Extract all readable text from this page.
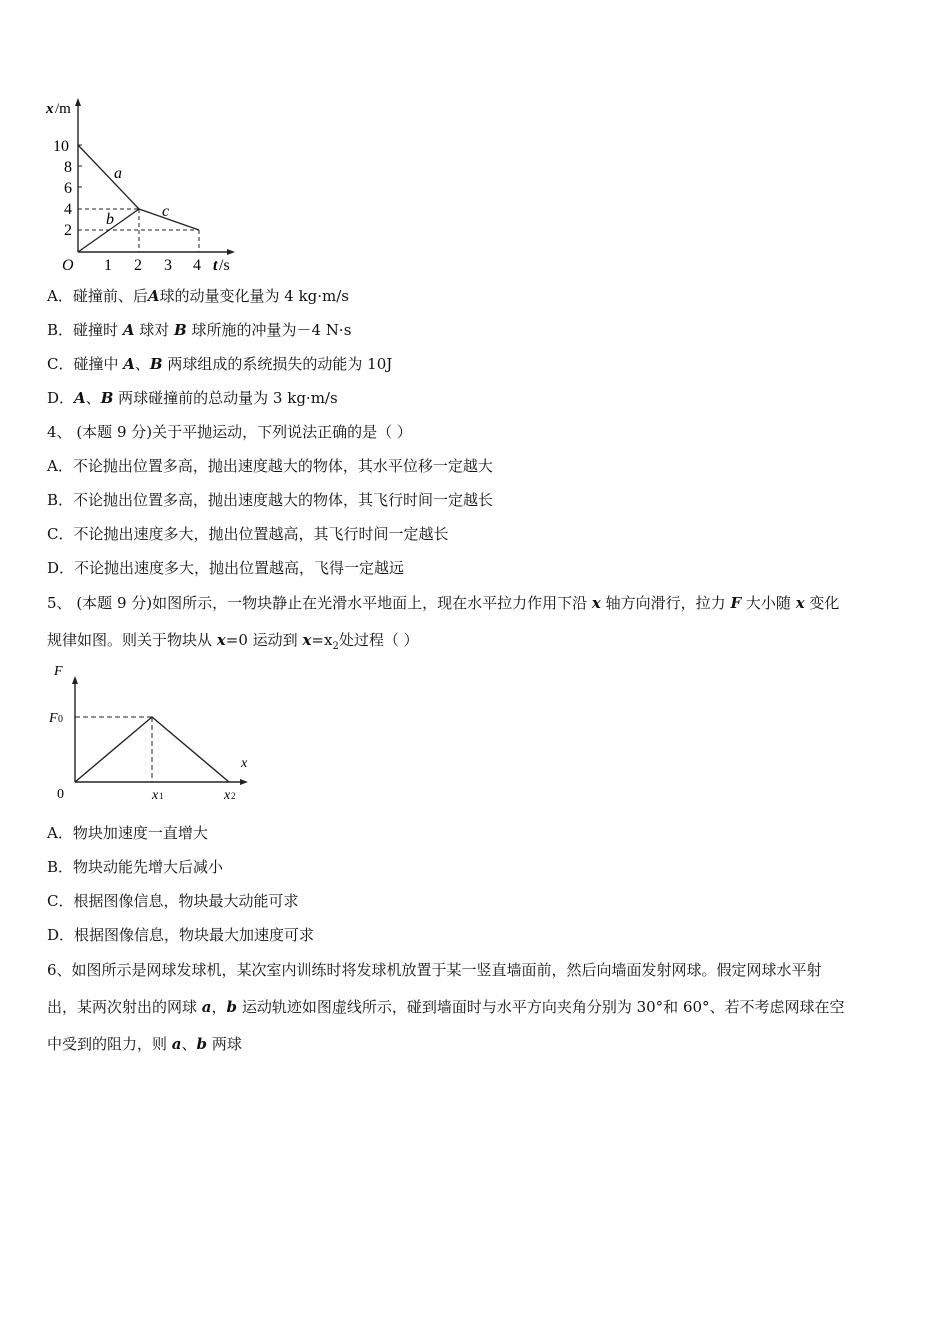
x /m
10
8
6
4
2
O 1 2 3 4 t /s
a
b	c
A．碰撞前、后A球的动量变化量为 4 kg·m/s
B．碰撞时 A 球对 B 球所施的冲量为－4 N·s
C．碰撞中 A、B 两球组成的系统损失的动能为 10J
D．A、B 两球碰撞前的总动量为 3 kg·m/s
4、 (本题 9 分)关于平抛运动，下列说法正确的是（ ）
A．不论抛出位置多高，抛出速度越大的物体，其水平位移一定越大
B．不论抛出位置多高，抛出速度越大的物体，其飞行时间一定越长
C．不论抛出速度多大，抛出位置越高，其飞行时间一定越长
D．不论抛出速度多大，抛出位置越高，飞得一定越远
5、 (本题 9 分)如图所示，一物块静止在光滑水平地面上，现在水平拉力作用下沿 x 轴方向滑行，拉力 F 大小随 x 变化
规律如图。则关于物块从 x=0 运动到 $x=x_2$处过程（ ）
F
F 0
0
x
x 1	x 2
A．物块加速度一直增大
B．物块动能先增大后减小
C．根据图像信息，物块最大动能可求
D．根据图像信息，物块最大加速度可求
6、如图所示是网球发球机，某次室内训练时将发球机放置于某一竖直墙面前，然后向墙面发射网球。假定网球水平射
出，某两次射出的网球 a，b 运动轨迹如图虚线所示，碰到墙面时与水平方向夹角分别为 30°和 60°、若不考虑网球在空
中受到的阻力，则 a、b 两球
